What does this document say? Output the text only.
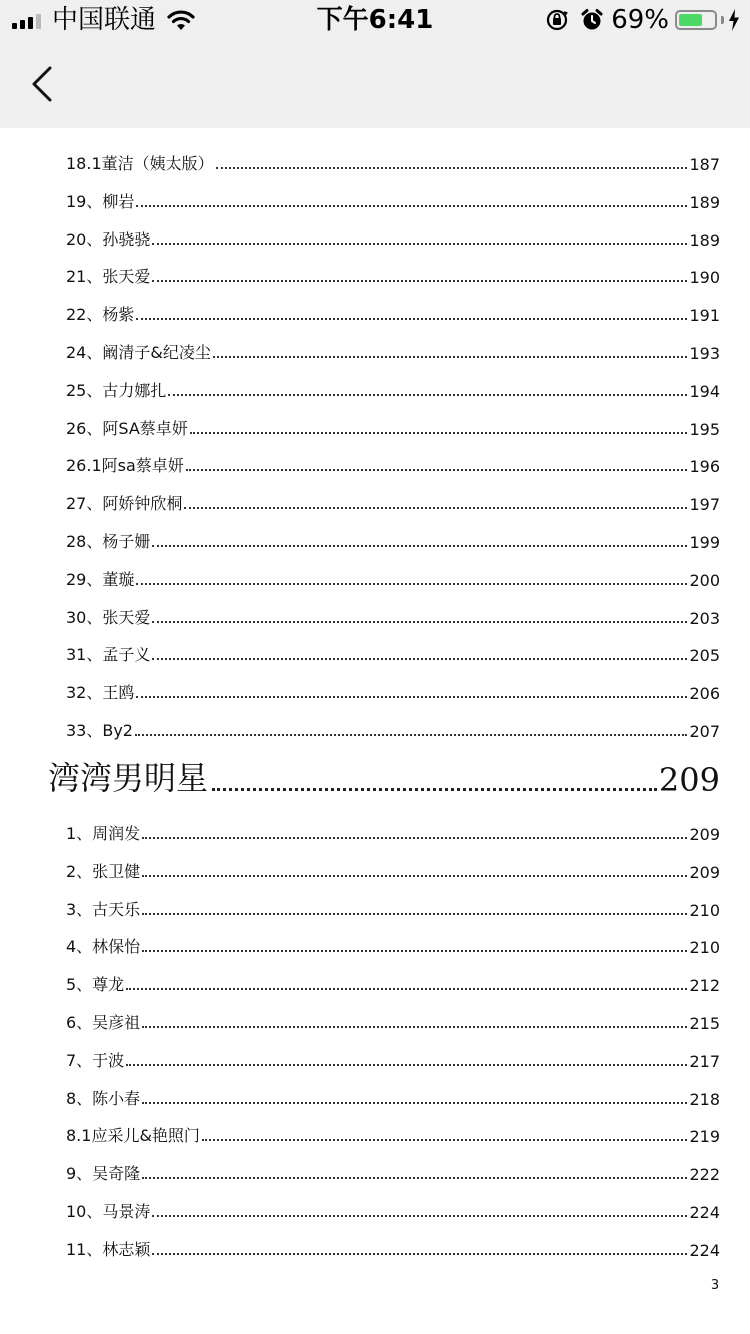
中国联通	下午6:41	69%
18.1董洁（姨太版）	187
19、柳岩	189
20、孙骁骁	189
21、张天爱	190
22、杨紫	191
24、阚清子&纪凌尘	193
25、古力娜扎	194
26、阿SA蔡卓妍	195
26.1阿sa蔡卓妍	196
27、阿娇钟欣桐	197
28、杨子姗	199
29、董璇	200
30、张天爱	203
31、孟子义	205
32、王鸥	206
33、By2	207
湾湾男明星	209
1、周润发	209
2、张卫健	209
3、古天乐	210
4、林保怡	210
5、尊龙	212
6、吴彦祖	215
7、于波	217
8、陈小春	218
8.1应采儿&艳照门	219
9、吴奇隆	222
10、马景涛	224
11、林志颖	224
3
